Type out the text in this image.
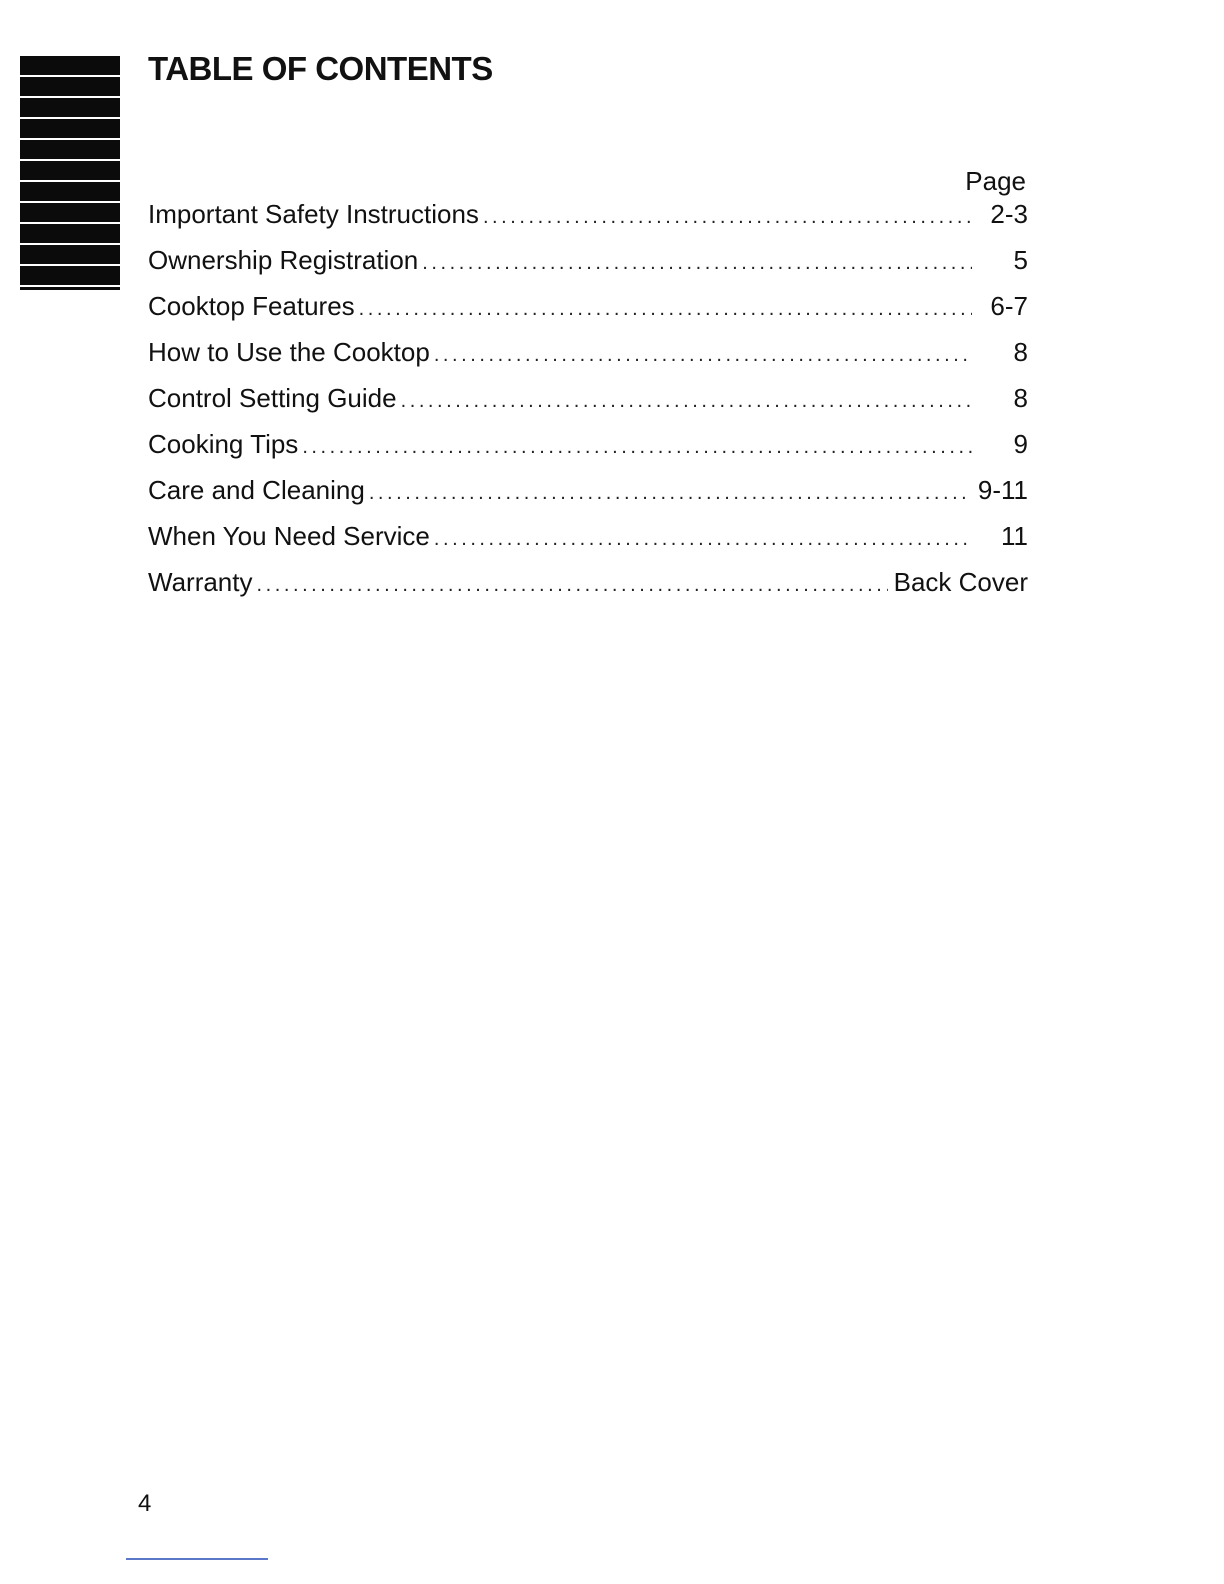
TABLE OF CONTENTS
Page
Important Safety Instructions . . .	2-3
Ownership Registration . . .	5
Cooktop Features . . .	6-7
How to Use the Cooktop . . .	8
Control Setting Guide . . .	8
Cooking Tips . . .	9
Care and Cleaning . . .	9-11
When You Need Service . . .	11
Warranty . . .	Back Cover
4
